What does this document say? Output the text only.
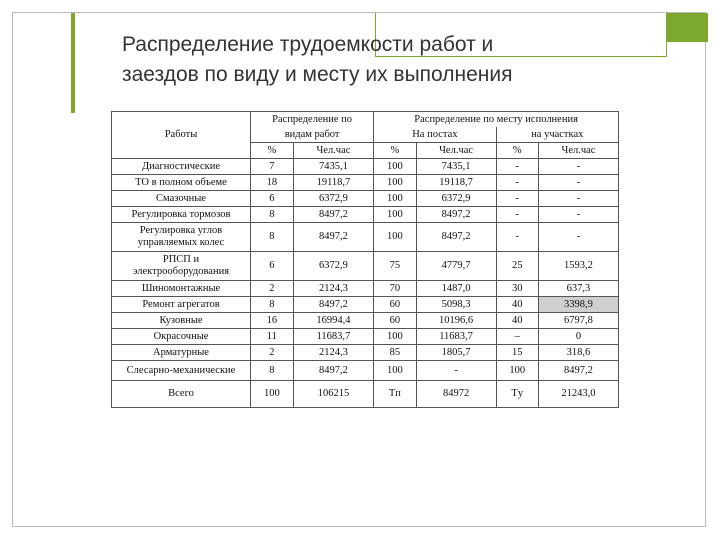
Распределение трудоемкости работ и
заездов по виду и месту их выполнения
	Распределение по		Распределение по месту исполнения			
Работы	видам работ		На постах		на участках	
	%	Чел.час	%	Чел.час	%	Чел.час
Диагностические	7	7435,1	100	7435,1	-	-
ТО в полном объеме	18	19118,7	100	19118,7	-	-
Смазочные	6	6372,9	100	6372,9	-	-
Регулировка тормозов	8	8497,2	100	8497,2	-	-
Регулировка углов
управляемых колес	8	8497,2	100	8497,2	-	-
РПСП и
электрооборудования	6	6372,9	75	4779,7	25	1593,2
Шиномонтажные	2	2124,3	70	1487,0	30	637,3
Ремонт агрегатов	8	8497,2	60	5098,3	40	3398,9
Кузовные	16	16994,4	60	10196,6	40	6797,8
Окрасочные	11	11683,7	100	11683,7	–	0
Арматурные	2	2124,3	85	1805,7	15	318,6
Слесарно-механические	8	8497,2	100	-	100	8497,2
Всего	100	106215	Tп	84972	Tу	21243,0
